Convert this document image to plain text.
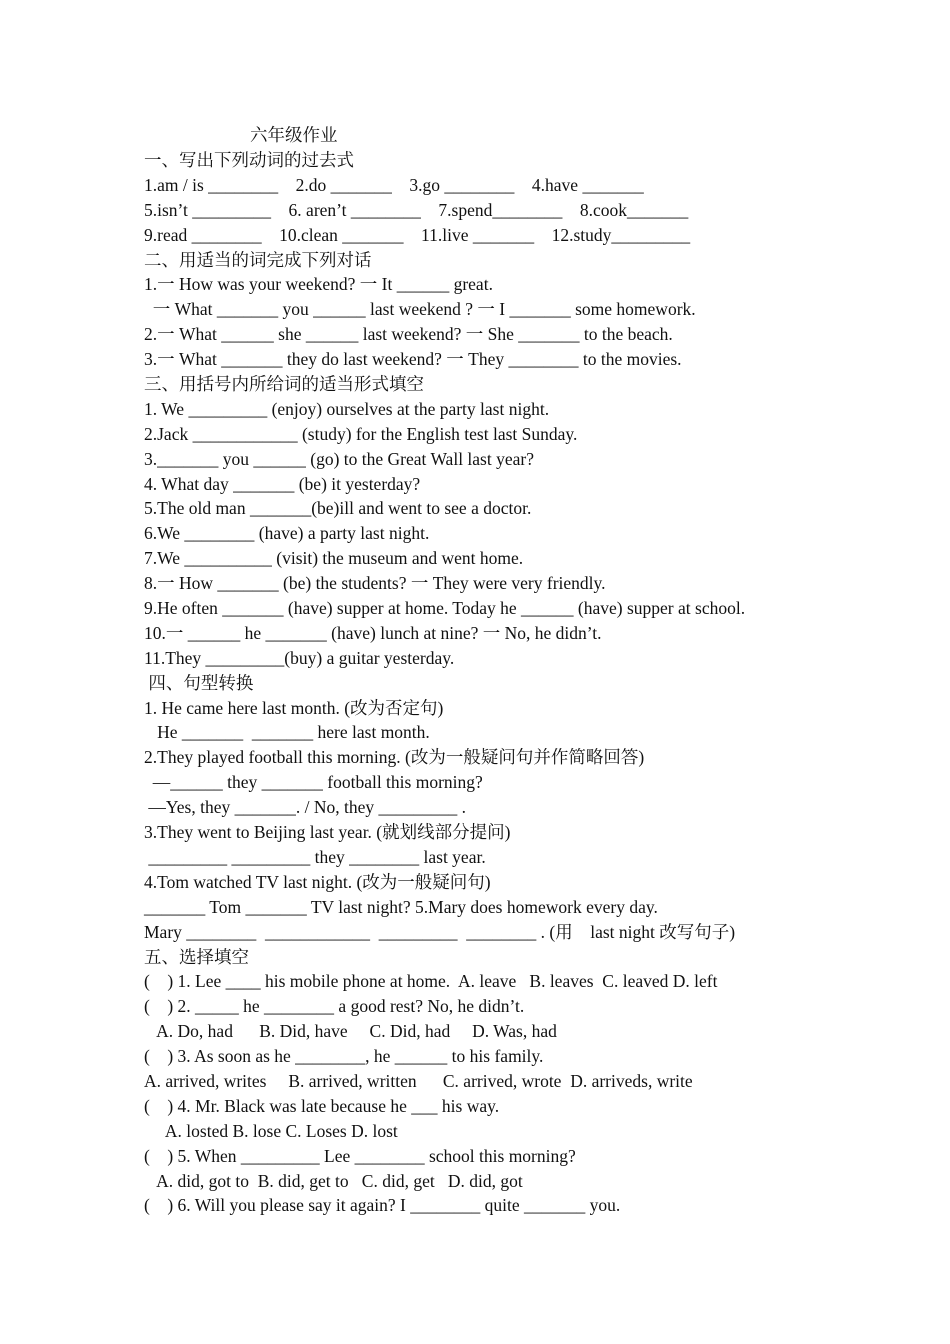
六年级作业
一、写出下列动词的过去式
1.am / is ________    2.do _______    3.go ________    4.have _______
5.isn’t _________    6. aren’t ________    7.spend________    8.cook_______
9.read ________    10.clean _______    11.live _______    12.study_________
二、用适当的词完成下列对话
1.一 How was your weekend? 一 It ______ great.
一 What _______ you ______ last weekend ? 一 I _______ some homework.
2.一 What ______ she ______ last weekend? 一 She _______ to the beach.
3.一 What _______ they do last weekend? 一 They ________ to the movies.
三、用括号内所给词的适当形式填空
1. We _________ (enjoy) ourselves at the party last night.
2.Jack ____________ (study) for the English test last Sunday.
3._______ you ______ (go) to the Great Wall last year?
4. What day _______ (be) it yesterday?
5.The old man _______(be)ill and went to see a doctor.
6.We ________ (have) a party last night.
7.We __________ (visit) the museum and went home.
8.一 How _______ (be) the students? 一 They were very friendly.
9.He often _______ (have) supper at home. Today he ______ (have) supper at school.
10.一 ______ he _______ (have) lunch at nine? 一 No, he didn’t.
11.They _________(buy) a guitar yesterday.
四、句型转换
1. He came here last month. (改为否定句)
He _______  _______ here last month.
2.They played football this morning. (改为一般疑问句并作简略回答)
—______ they _______ football this morning?
—Yes, they _______. / No, they _________ .
3.They went to Beijing last year. (就划线部分提问)
_________ _________ they ________ last year.
4.Tom watched TV last night. (改为一般疑问句)
_______ Tom _______ TV last night? 5.Mary does homework every day.
Mary ________  ____________  _________  ________ . (用    last night 改写句子)
五、选择填空
(    ) 1. Lee ____ his mobile phone at home.  A. leave   B. leaves  C. leaved D. left
(    ) 2. _____ he ________ a good rest? No, he didn’t.
A. Do, had      B. Did, have     C. Did, had     D. Was, had
(    ) 3. As soon as he ________, he ______ to his family.
A. arrived, writes     B. arrived, written      C. arrived, wrote  D. arriveds, write
(    ) 4. Mr. Black was late because he ___ his way.
A. losted B. lose C. Loses D. lost
(    ) 5. When _________ Lee ________ school this morning?
A. did, got to  B. did, get to   C. did, get   D. did, got
(    ) 6. Will you please say it again? I ________ quite _______ you.
